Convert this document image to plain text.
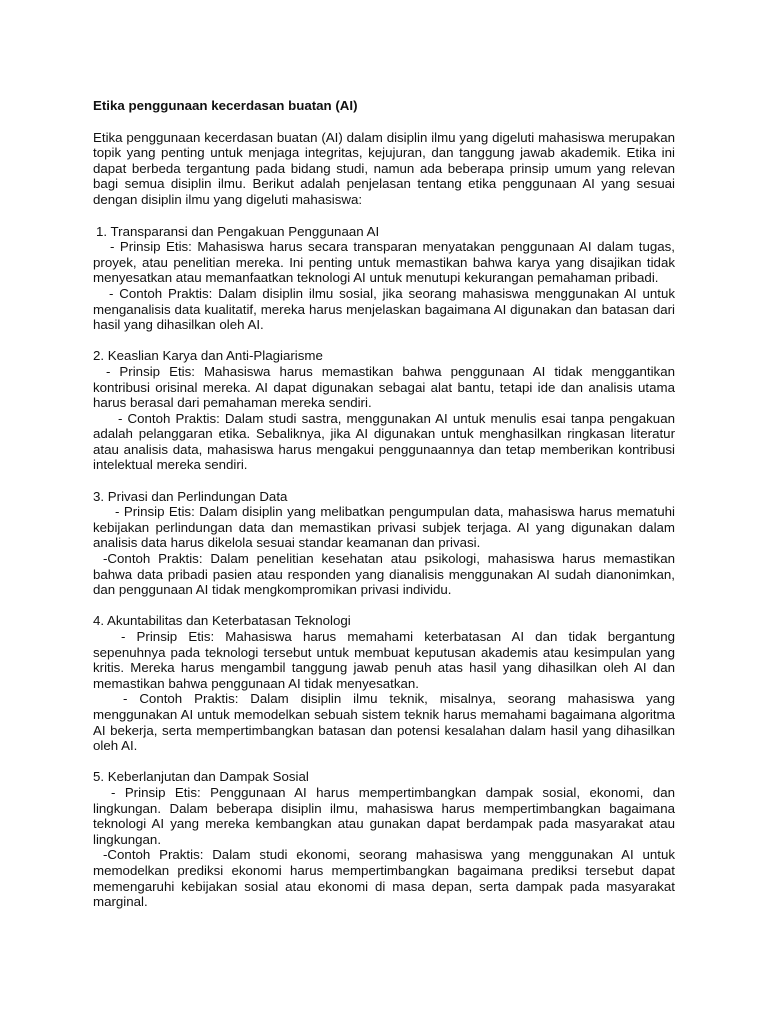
Etika penggunaan kecerdasan buatan (AI)

Etika penggunaan kecerdasan buatan (AI) dalam disiplin ilmu yang digeluti mahasiswa merupakan topik yang penting untuk menjaga integritas, kejujuran, dan tanggung jawab akademik. Etika ini dapat berbeda tergantung pada bidang studi, namun ada beberapa prinsip umum yang relevan bagi semua disiplin ilmu. Berikut adalah penjelasan tentang etika penggunaan AI yang sesuai dengan disiplin ilmu yang digeluti mahasiswa:

1. Transparansi dan Pengakuan Penggunaan AI

- Prinsip Etis: Mahasiswa harus secara transparan menyatakan penggunaan AI dalam tugas, proyek, atau penelitian mereka. Ini penting untuk memastikan bahwa karya yang disajikan tidak menyesatkan atau memanfaatkan teknologi AI untuk menutupi kekurangan pemahaman pribadi.

- Contoh Praktis: Dalam disiplin ilmu sosial, jika seorang mahasiswa menggunakan AI untuk menganalisis data kualitatif, mereka harus menjelaskan bagaimana AI digunakan dan batasan dari hasil yang dihasilkan oleh AI.

2. Keaslian Karya dan Anti-Plagiarisme

- Prinsip Etis: Mahasiswa harus memastikan bahwa penggunaan AI tidak menggantikan kontribusi orisinal mereka. AI dapat digunakan sebagai alat bantu, tetapi ide dan analisis utama harus berasal dari pemahaman mereka sendiri.

- Contoh Praktis: Dalam studi sastra, menggunakan AI untuk menulis esai tanpa pengakuan adalah pelanggaran etika. Sebaliknya, jika AI digunakan untuk menghasilkan ringkasan literatur atau analisis data, mahasiswa harus mengakui penggunaannya dan tetap memberikan kontribusi intelektual mereka sendiri.

3. Privasi dan Perlindungan Data

- Prinsip Etis: Dalam disiplin yang melibatkan pengumpulan data, mahasiswa harus mematuhi kebijakan perlindungan data dan memastikan privasi subjek terjaga. AI yang digunakan dalam analisis data harus dikelola sesuai standar keamanan dan privasi.

-Contoh Praktis: Dalam penelitian kesehatan atau psikologi, mahasiswa harus memastikan bahwa data pribadi pasien atau responden yang dianalisis menggunakan AI sudah dianonimkan, dan penggunaan AI tidak mengkompromikan privasi individu.

4. Akuntabilitas dan Keterbatasan Teknologi

- Prinsip Etis: Mahasiswa harus memahami keterbatasan AI dan tidak bergantung sepenuhnya pada teknologi tersebut untuk membuat keputusan akademis atau kesimpulan yang kritis. Mereka harus mengambil tanggung jawab penuh atas hasil yang dihasilkan oleh AI dan memastikan bahwa penggunaan AI tidak menyesatkan.

- Contoh Praktis: Dalam disiplin ilmu teknik, misalnya, seorang mahasiswa yang menggunakan AI untuk memodelkan sebuah sistem teknik harus memahami bagaimana algoritma AI bekerja, serta mempertimbangkan batasan dan potensi kesalahan dalam hasil yang dihasilkan oleh AI.

5. Keberlanjutan dan Dampak Sosial

- Prinsip Etis: Penggunaan AI harus mempertimbangkan dampak sosial, ekonomi, dan lingkungan. Dalam beberapa disiplin ilmu, mahasiswa harus mempertimbangkan bagaimana teknologi AI yang mereka kembangkan atau gunakan dapat berdampak pada masyarakat atau lingkungan.

-Contoh Praktis: Dalam studi ekonomi, seorang mahasiswa yang menggunakan AI untuk memodelkan prediksi ekonomi harus mempertimbangkan bagaimana prediksi tersebut dapat memengaruhi kebijakan sosial atau ekonomi di masa depan, serta dampak pada masyarakat marginal.
